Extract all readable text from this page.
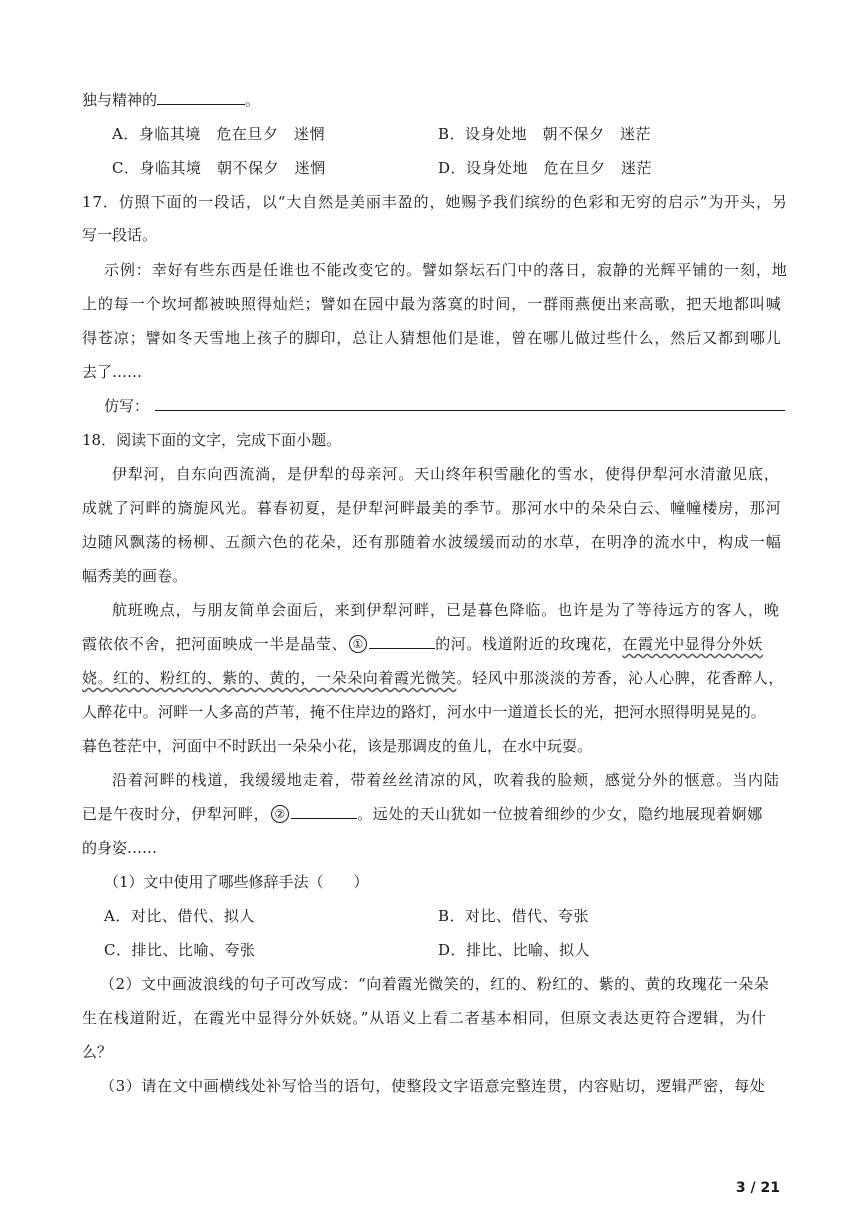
独与精神的	。
A．身临其境　危在旦夕　迷惘	B．设身处地　朝不保夕　迷茫
C．身临其境　朝不保夕　迷惘	D．设身处地　危在旦夕　迷茫
17．仿照下面的一段话，以“大自然是美丽丰盈的，她赐予我们缤纷的色彩和无穷的启示”为开头，另
写一段话。
示例：幸好有些东西是任谁也不能改变它的。譬如祭坛石门中的落日，寂静的光辉平铺的一刻，地
上的每一个坎坷都被映照得灿烂；譬如在园中最为落寞的时间，一群雨燕便出来高歌，把天地都叫喊
得苍凉；譬如冬天雪地上孩子的脚印，总让人猜想他们是谁，曾在哪儿做过些什么，然后又都到哪儿
去了……
仿写：
18．阅读下面的文字，完成下面小题。
伊犁河，自东向西流淌，是伊犁的母亲河。天山终年积雪融化的雪水，使得伊犁河水清澈见底，
成就了河畔的旖旎风光。暮春初夏，是伊犁河畔最美的季节。那河水中的朵朵白云、幢幢楼房，那河
边随风飘荡的杨柳、五颜六色的花朵，还有那随着水波缓缓而动的水草，在明净的流水中，构成一幅
幅秀美的画卷。
航班晚点，与朋友简单会面后，来到伊犁河畔，已是暮色降临。也许是为了等待远方的客人，晚
霞依依不舍，把河面映成一半是晶莹、 ①	的河。栈道附近的玫瑰花，在霞光中显得分外妖
娆。红的、粉红的、紫的、黄的，一朵朵向着霞光微笑。轻风中那淡淡的芳香，沁人心脾，花香醉人，
人醉花中。河畔一人多高的芦苇，掩不住岸边的路灯，河水中一道道长长的光，把河水照得明晃晃的。
暮色苍茫中，河面中不时跃出一朵朵小花，该是那调皮的鱼儿，在水中玩耍。
沿着河畔的栈道，我缓缓地走着，带着丝丝清凉的风，吹着我的脸颊，感觉分外的惬意。当内陆
已是午夜时分，伊犁河畔， ②	。远处的天山犹如一位披着细纱的少女，隐约地展现着婀娜
的身姿……
（1）文中使用了哪些修辞手法（　　）
A．对比、借代、拟人	B．对比、借代、夸张
C．排比、比喻、夸张	D．排比、比喻、拟人
（2）文中画波浪线的句子可改写成：“向着霞光微笑的，红的、粉红的、紫的、黄的玫瑰花一朵朵
生在栈道附近，在霞光中显得分外妖娆。”从语义上看二者基本相同，但原文表达更符合逻辑，为什
么？
（3）请在文中画横线处补写恰当的语句，使整段文字语意完整连贯，内容贴切，逻辑严密，每处
3 / 21
